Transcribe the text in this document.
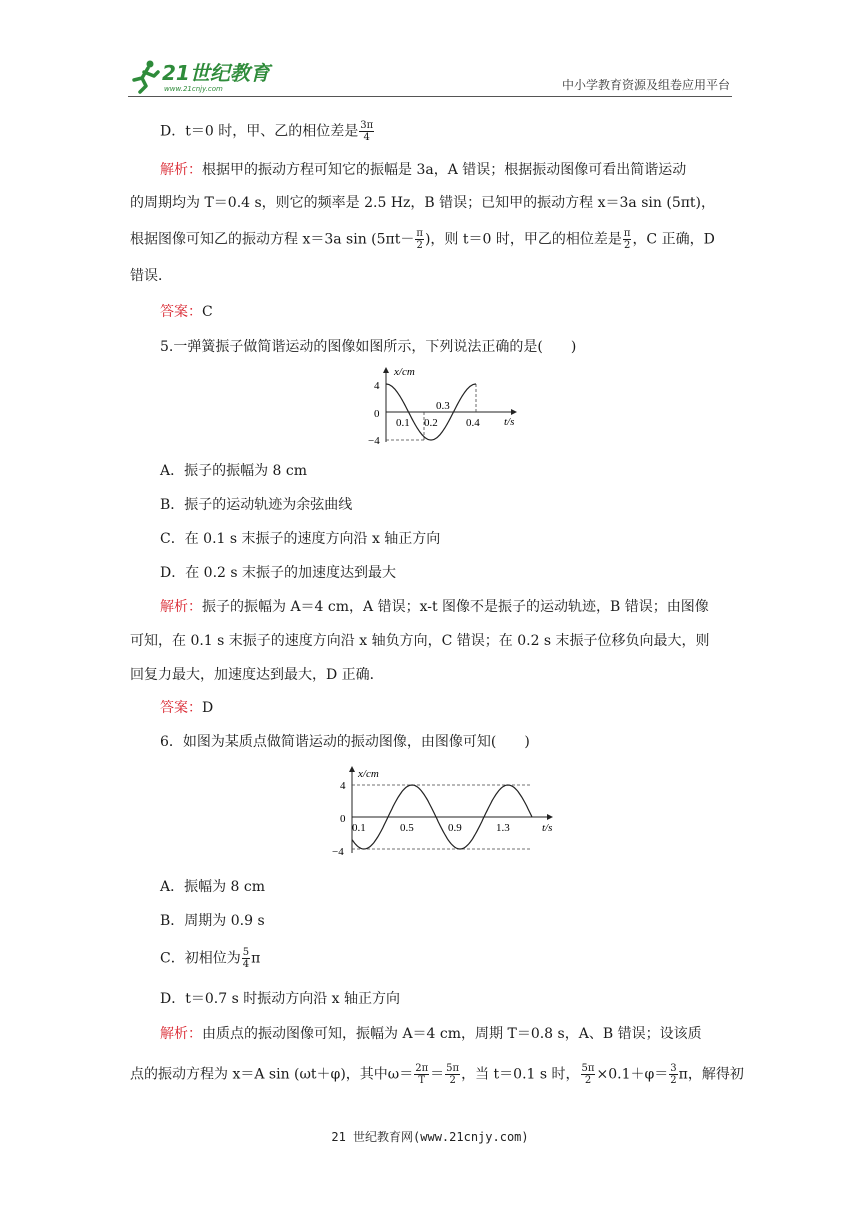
21世纪教育
www.21cnjy.com	中小学教育资源及组卷应用平台
D．t＝0 时，甲、乙的相位差是 $\frac{3\pi}{4}$
解析：根据甲的振动方程可知它的振幅是 3a，A 错误；根据振动图像可看出简谐运动
的周期均为 T＝0.4 s，则它的频率是 2.5 Hz，B 错误；已知甲的振动方程 x＝3a sin (5πt)，
根据图像可知乙的振动方程 x＝3a $\sin (5\pi t- \frac{\pi}{2}$ )，则 t＝0 时，甲乙的相位差是 $\frac{\pi}{2}$ ，C 正确，D
错误．
答案：C
5.一弹簧振子做简谐运动的图像如图所示，下列说法正确的是(　　)
x/cm
t/s
4
0
−4
0.1 0.2
0.3
0.4
A．振子的振幅为 8 cm
B．振子的运动轨迹为余弦曲线
C．在 0.1 s 末振子的速度方向沿 x 轴正方向
D．在 0.2 s 末振子的加速度达到最大
解析：振子的振幅为 A＝4 cm，A 错误；x-t 图像不是振子的运动轨迹，B 错误；由图像
可知，在 0.1 s 末振子的速度方向沿 x 轴负方向，C 错误；在 0.2 s 末振子位移负向最大，则
回复力最大，加速度达到最大，D 正确．
答案：D
6．如图为某质点做简谐运动的振动图像，由图像可知(　　)
x/cm
t/s
4
0
−4
0.1	0.5	0.9	1.3
A．振幅为 8 cm
B．周期为 0.9 s
C．初相位为 $\frac{5}{4}$ π
D．t＝0.7 s 时振动方向沿 x 轴正方向
解析：由质点的振动图像可知，振幅为 A＝4 cm，周期 T＝0.8 s，A、B 错误；设该质
点的振动方程为 x＝A sin (ωt＋φ)，其中$\omega= \frac{2\pi}{T} = \frac{5\pi}{2}$ ，当 t＝0.1 s 时， $\frac{5\pi}{2} \times 0.1+\varphi= \frac{3}{2}$ π，解得初
21 世纪教育网(www.21cnjy.com)
